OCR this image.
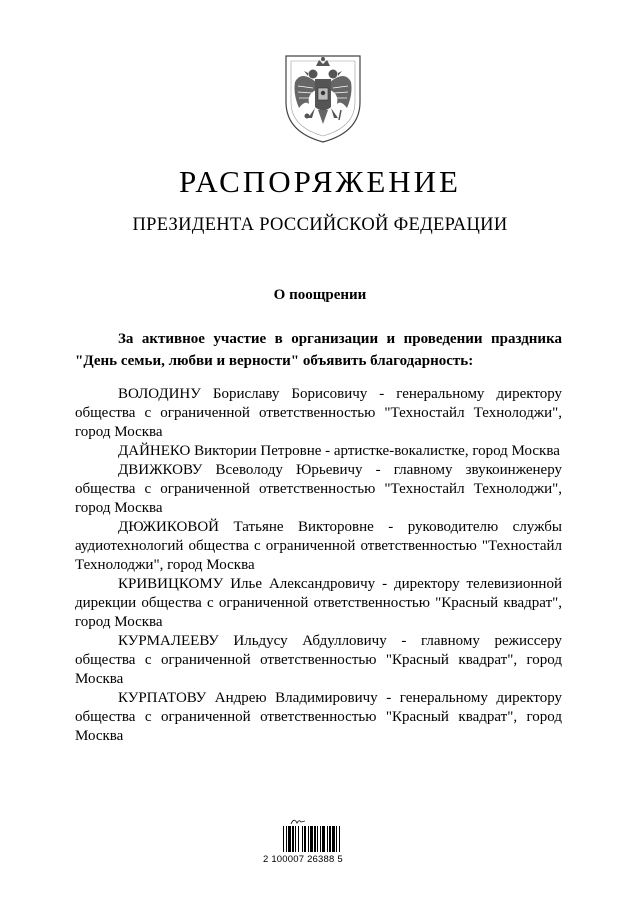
РАСПОРЯЖЕНИЕ
ПРЕЗИДЕНТА РОССИЙСКОЙ ФЕДЕРАЦИИ
О поощрении
За активное участие в организации и проведении праздника "День семьи, любви и верности" объявить благодарность:

ВОЛОДИНУ Бориславу Борисовичу - генеральному директору общества с ограниченной ответственностью "Техностайл Технолоджи", город Москва

ДАЙНЕКО Виктории Петровне - артистке-вокалистке, город Москва

ДВИЖКОВУ Всеволоду Юрьевичу - главному звукоинженеру общества с ограниченной ответственностью "Техностайл Технолоджи", город Москва

ДЮЖИКОВОЙ Татьяне Викторовне - руководителю службы аудиотехнологий общества с ограниченной ответственностью "Техностайл Технолоджи", город Москва

КРИВИЦКОМУ Илье Александровичу - директору телевизионной дирекции общества с ограниченной ответственностью "Красный квадрат", город Москва

КУРМАЛЕЕВУ Ильдусу Абдулловичу - главному режиссеру общества с ограниченной ответственностью "Красный квадрат", город Москва

КУРПАТОВУ Андрею Владимировичу - генеральному директору общества с ограниченной ответственностью "Красный квадрат", город Москва

2 100007 26388 5
